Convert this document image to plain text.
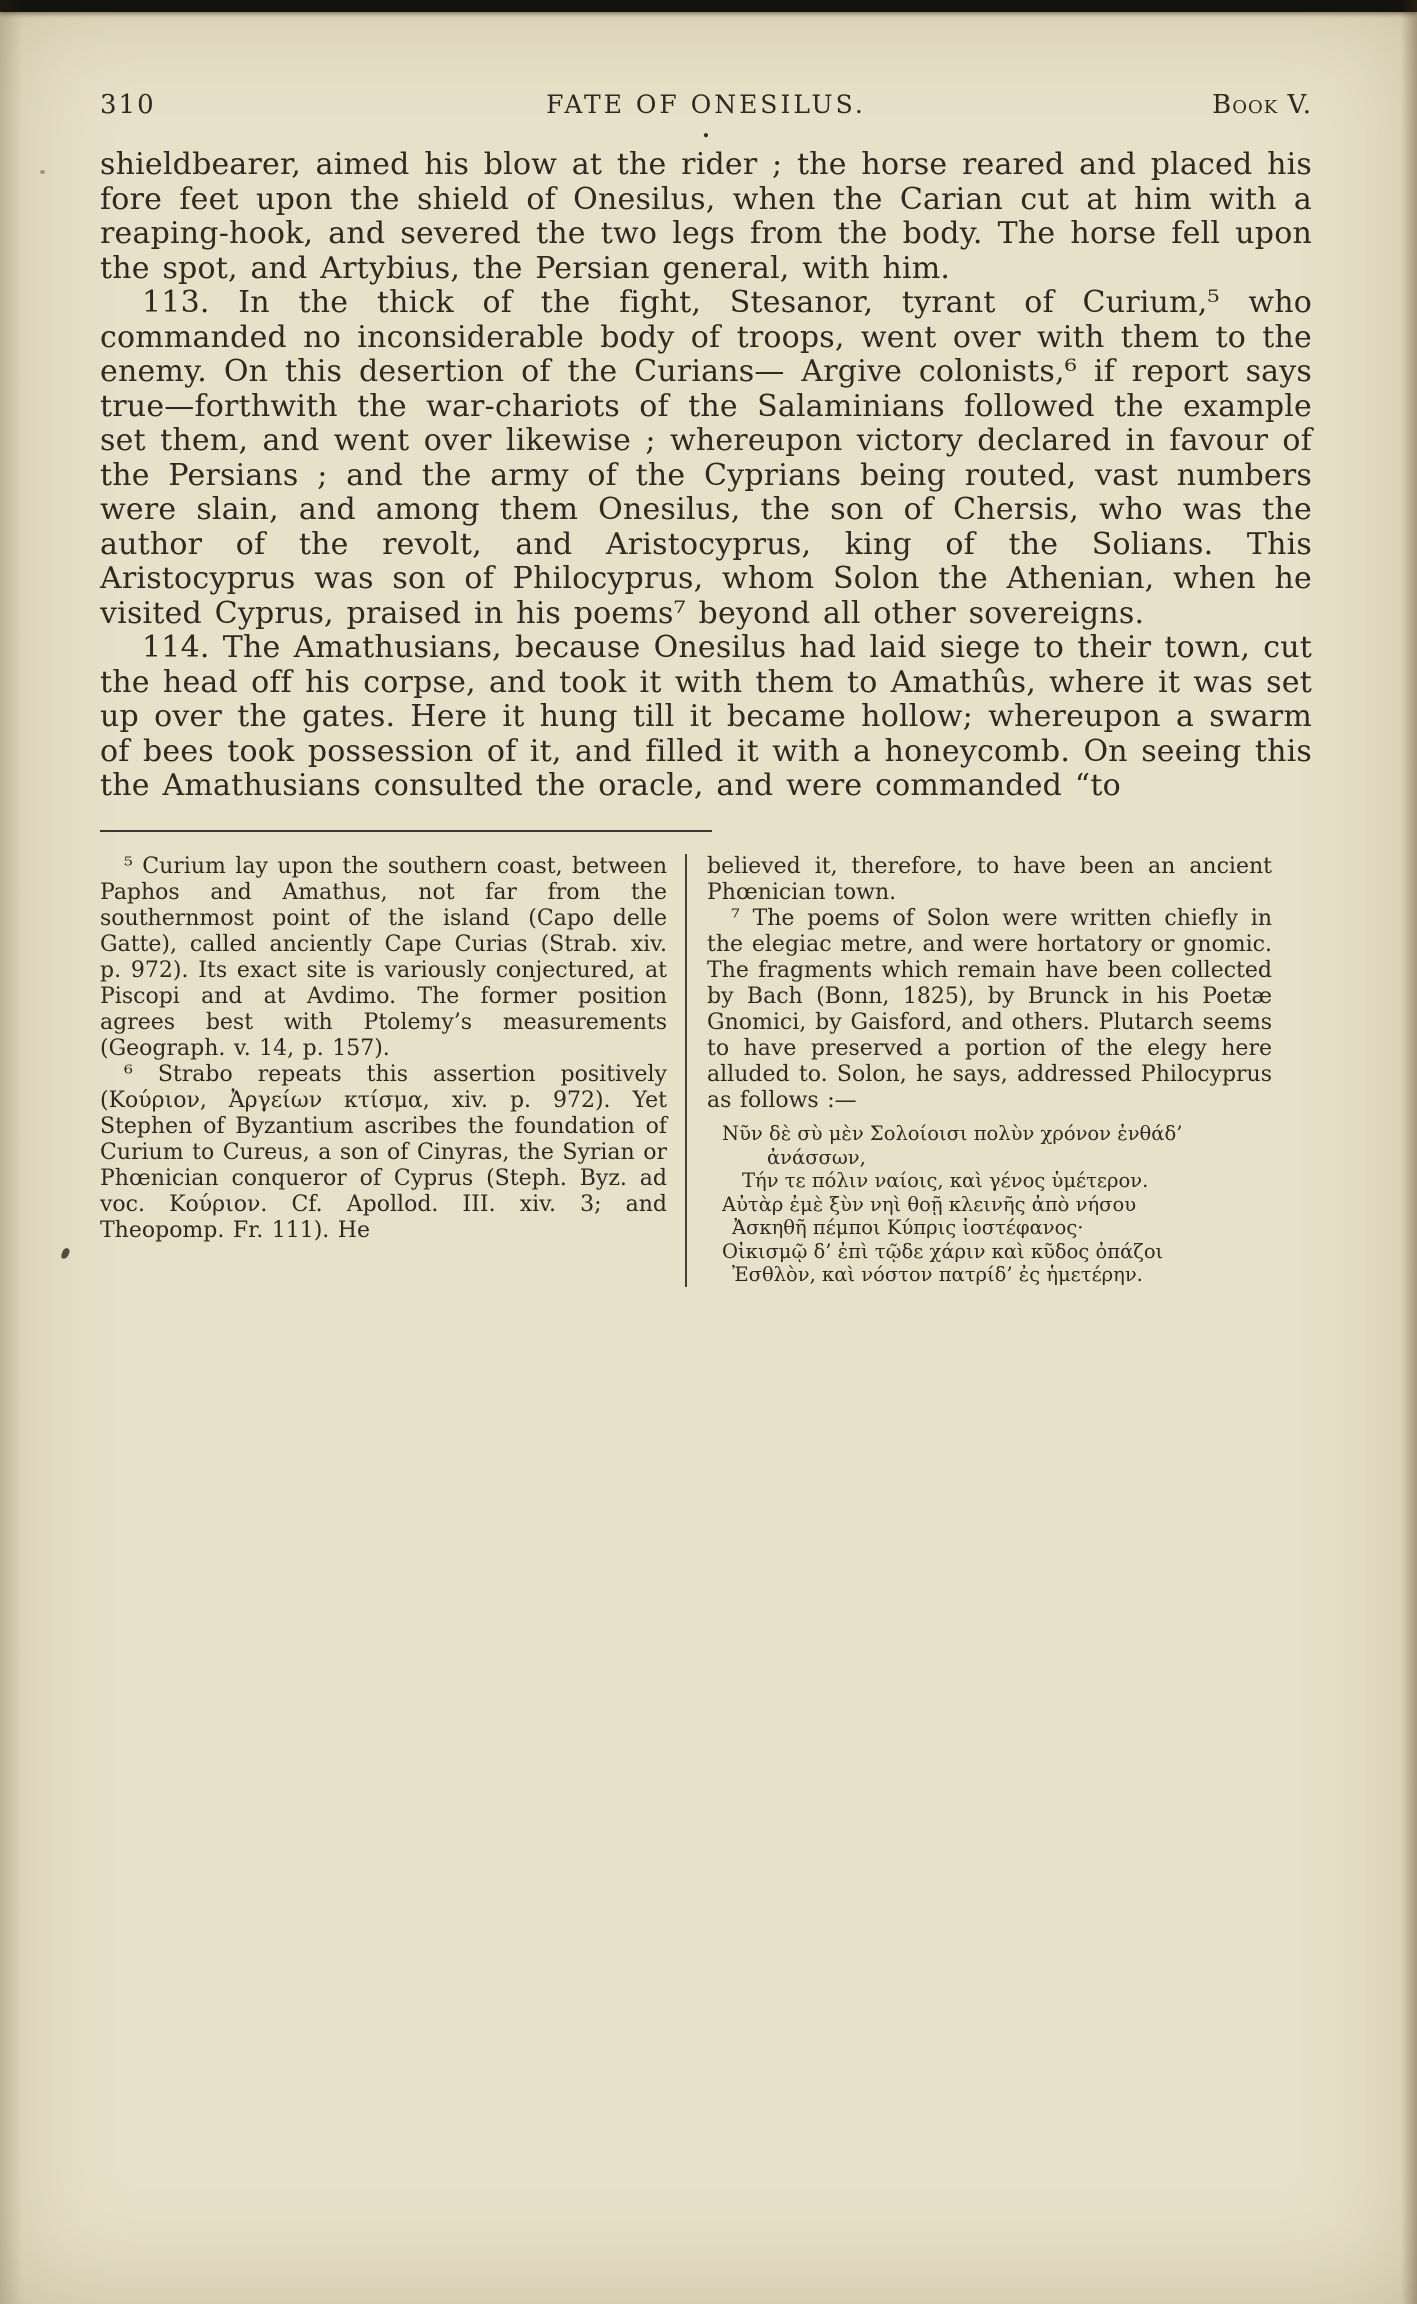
310	FATE OF ONESILUS.	Book V.
.

shieldbearer, aimed his blow at the rider ; the horse reared and placed his fore feet upon the shield of Onesilus, when the Carian cut at him with a reaping-hook, and severed the two legs from the body. The horse fell upon the spot, and Artybius, the Persian general, with him.

113. In the thick of the fight, Stesanor, tyrant of Curium,⁵ who commanded no inconsiderable body of troops, went over with them to the enemy. On this desertion of the Curians— Argive colonists,⁶ if report says true—forthwith the war-chariots of the Salaminians followed the example set them, and went over likewise ; whereupon victory declared in favour of the Persians ; and the army of the Cyprians being routed, vast numbers were slain, and among them Onesilus, the son of Chersis, who was the author of the revolt, and Aristocyprus, king of the Solians. This Aristocyprus was son of Philocyprus, whom Solon the Athenian, when he visited Cyprus, praised in his poems⁷ beyond all other sovereigns.

114. The Amathusians, because Onesilus had laid siege to their town, cut the head off his corpse, and took it with them to Amathûs, where it was set up over the gates. Here it hung till it became hollow; whereupon a swarm of bees took possession of it, and filled it with a honeycomb. On seeing this the Amathusians consulted the oracle, and were commanded “to

⁵ Curium lay upon the southern coast, between Paphos and Amathus, not far from the southernmost point of the island (Capo delle Gatte), called anciently Cape Curias (Strab. xiv. p. 972). Its exact site is variously conjectured, at Piscopi and at Avdimo. The former position agrees best with Ptolemy’s measurements (Geograph. v. 14, p. 157).

⁶ Strabo repeats this assertion positively (Κούριον, Ἀργείων κτίσμα, xiv. p. 972). Yet Stephen of Byzantium ascribes the foundation of Curium to Cureus, a son of Cinyras, the Syrian or Phœnician conqueror of Cyprus (Steph. Byz. ad voc. Κούριον. Cf. Apollod. III. xiv. 3; and Theopomp. Fr. 111). He

believed it, therefore, to have been an ancient Phœnician town.

⁷ The poems of Solon were written chiefly in the elegiac metre, and were hortatory or gnomic. The fragments which remain have been collected by Bach (Bonn, 1825), by Brunck in his Poetæ Gnomici, by Gaisford, and others. Plutarch seems to have preserved a portion of the elegy here alluded to. Solon, he says, addressed Philocyprus as follows :—

Νῦν δὲ σὺ μὲν Σολοίοισι πολὺν χρόνον ἐνθάδ’
ἀνάσσων,
Τήν τε πόλιν ναίοις, καὶ γένος ὑμέτερον.
Αὐτὰρ ἐμὲ ξὺν νηὶ θοῇ κλεινῆς ἀπὸ νήσου
Ἀσκηθῆ πέμποι Κύπρις ἰοστέφανος·
Οἰκισμῷ δ’ ἐπὶ τῷδε χάριν καὶ κῦδος ὀπάζοι
Ἐσθλὸν, καὶ νόστον πατρίδ’ ἐς ἡμετέρην.
